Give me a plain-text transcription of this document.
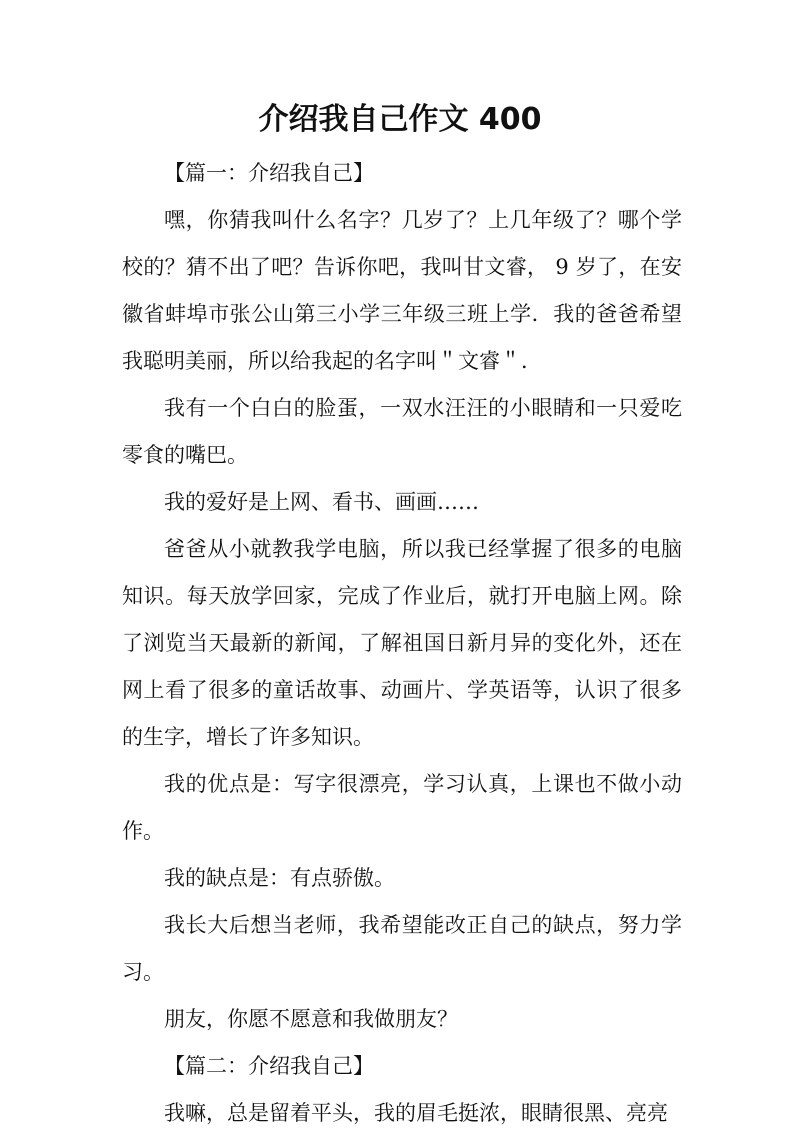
介绍我自己作文 400

【篇一：介绍我自己】

嘿，你猜我叫什么名字？几岁了？上几年级了？哪个学校的？猜不出了吧？告诉你吧，我叫甘文睿， 9 岁了，在安徽省蚌埠市张公山第三小学三年级三班上学．我的爸爸希望我聪明美丽，所以给我起的名字叫＂文睿＂．

我有一个白白的脸蛋，一双水汪汪的小眼睛和一只爱吃零食的嘴巴。

我的爱好是上网、看书、画画……

爸爸从小就教我学电脑，所以我已经掌握了很多的电脑知识。每天放学回家，完成了作业后，就打开电脑上网。除了浏览当天最新的新闻，了解祖国日新月异的变化外，还在网上看了很多的童话故事、动画片、学英语等，认识了很多的生字，增长了许多知识。

我的优点是：写字很漂亮，学习认真，上课也不做小动作。

我的缺点是：有点骄傲。

我长大后想当老师，我希望能改正自己的缺点，努力学习。

朋友，你愿不愿意和我做朋友？

【篇二：介绍我自己】

我嘛，总是留着平头，我的眉毛挺浓，眼睛很黑、亮亮
